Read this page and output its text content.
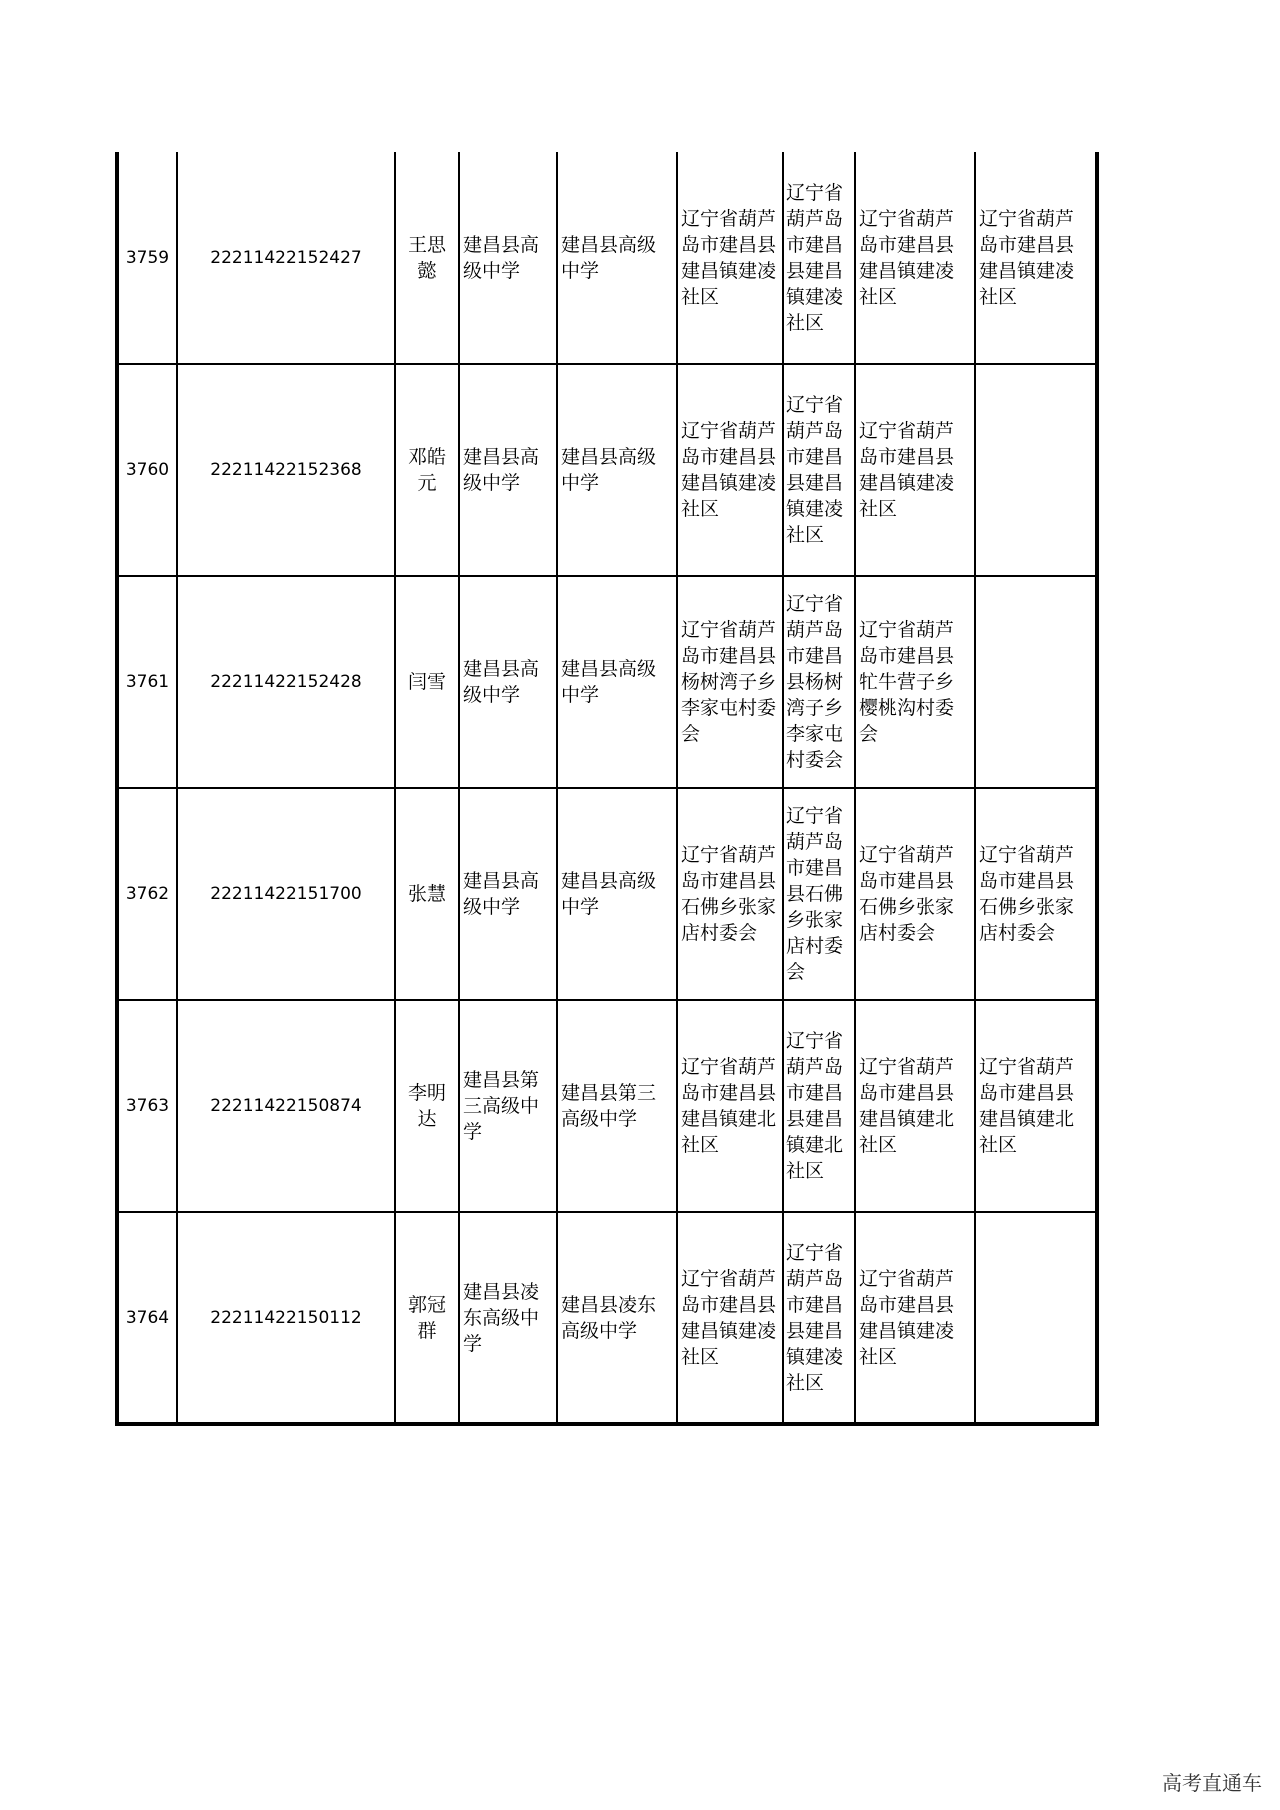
3759	22211422152427	王思懿	建昌县高级中学	建昌县高级中学	辽宁省葫芦岛市建昌县建昌镇建凌社区	辽宁省葫芦岛市建昌县建昌镇建凌社区	辽宁省葫芦岛市建昌县建昌镇建凌社区	辽宁省葫芦岛市建昌县建昌镇建凌社区
3760	22211422152368	邓皓元	建昌县高级中学	建昌县高级中学	辽宁省葫芦岛市建昌县建昌镇建凌社区	辽宁省葫芦岛市建昌县建昌镇建凌社区	辽宁省葫芦岛市建昌县建昌镇建凌社区	
3761	22211422152428	闫雪	建昌县高级中学	建昌县高级中学	辽宁省葫芦岛市建昌县杨树湾子乡李家屯村委会	辽宁省葫芦岛市建昌县杨树湾子乡李家屯村委会	辽宁省葫芦岛市建昌县牤牛营子乡樱桃沟村委会	
3762	22211422151700	张慧	建昌县高级中学	建昌县高级中学	辽宁省葫芦岛市建昌县石佛乡张家店村委会	辽宁省葫芦岛市建昌县石佛乡张家店村委会	辽宁省葫芦岛市建昌县石佛乡张家店村委会	辽宁省葫芦岛市建昌县石佛乡张家店村委会
3763	22211422150874	李明达	建昌县第三高级中学	建昌县第三高级中学	辽宁省葫芦岛市建昌县建昌镇建北社区	辽宁省葫芦岛市建昌县建昌镇建北社区	辽宁省葫芦岛市建昌县建昌镇建北社区	辽宁省葫芦岛市建昌县建昌镇建北社区
3764	22211422150112	郭冠群	建昌县凌东高级中学	建昌县凌东高级中学	辽宁省葫芦岛市建昌县建昌镇建凌社区	辽宁省葫芦岛市建昌县建昌镇建凌社区	辽宁省葫芦岛市建昌县建昌镇建凌社区	
高考直通车
